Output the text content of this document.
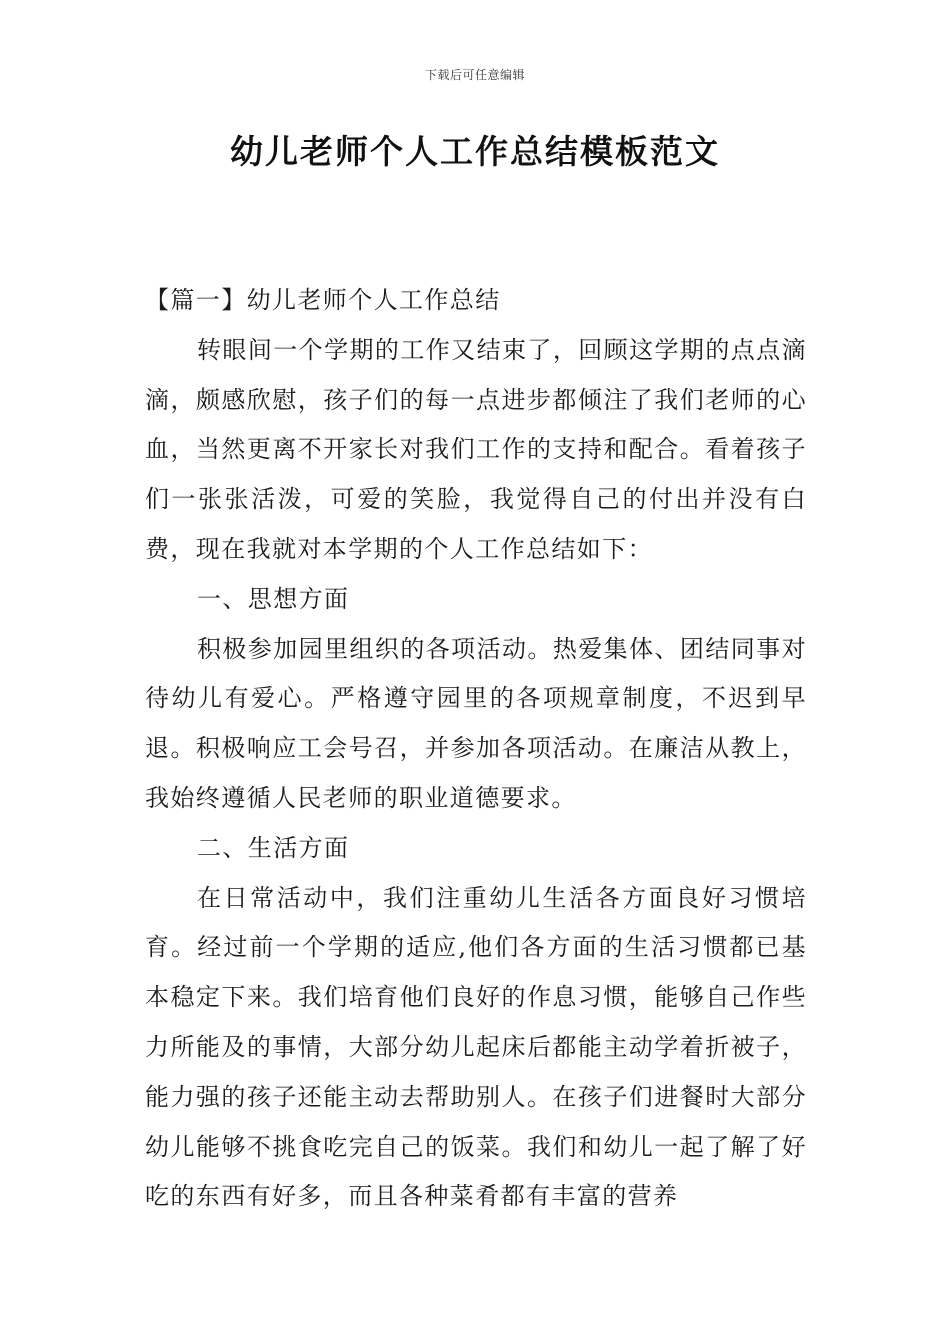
下载后可任意编辑
幼儿老师个人工作总结模板范文

【篇一】幼儿老师个人工作总结

转眼间一个学期的工作又结束了，回顾这学期的点点滴滴，颇感欣慰，孩子们的每一点进步都倾注了我们老师的心血，当然更离不开家长对我们工作的支持和配合。看着孩子们一张张活泼，可爱的笑脸，我觉得自己的付出并没有白费，现在我就对本学期的个人工作总结如下：

一、思想方面

积极参加园里组织的各项活动。热爱集体、团结同事对待幼儿有爱心。严格遵守园里的各项规章制度，不迟到早退。积极响应工会号召，并参加各项活动。在廉洁从教上，我始终遵循人民老师的职业道德要求。

二、生活方面

在日常活动中，我们注重幼儿生活各方面良好习惯培育。经过前一个学期的适应,他们各方面的生活习惯都已基本稳定下来。我们培育他们良好的作息习惯，能够自己作些力所能及的事情，大部分幼儿起床后都能主动学着折被子，能力强的孩子还能主动去帮助别人。在孩子们进餐时大部分幼儿能够不挑食吃完自己的饭菜。我们和幼儿一起了解了好吃的东西有好多，而且各种菜肴都有丰富的营养
